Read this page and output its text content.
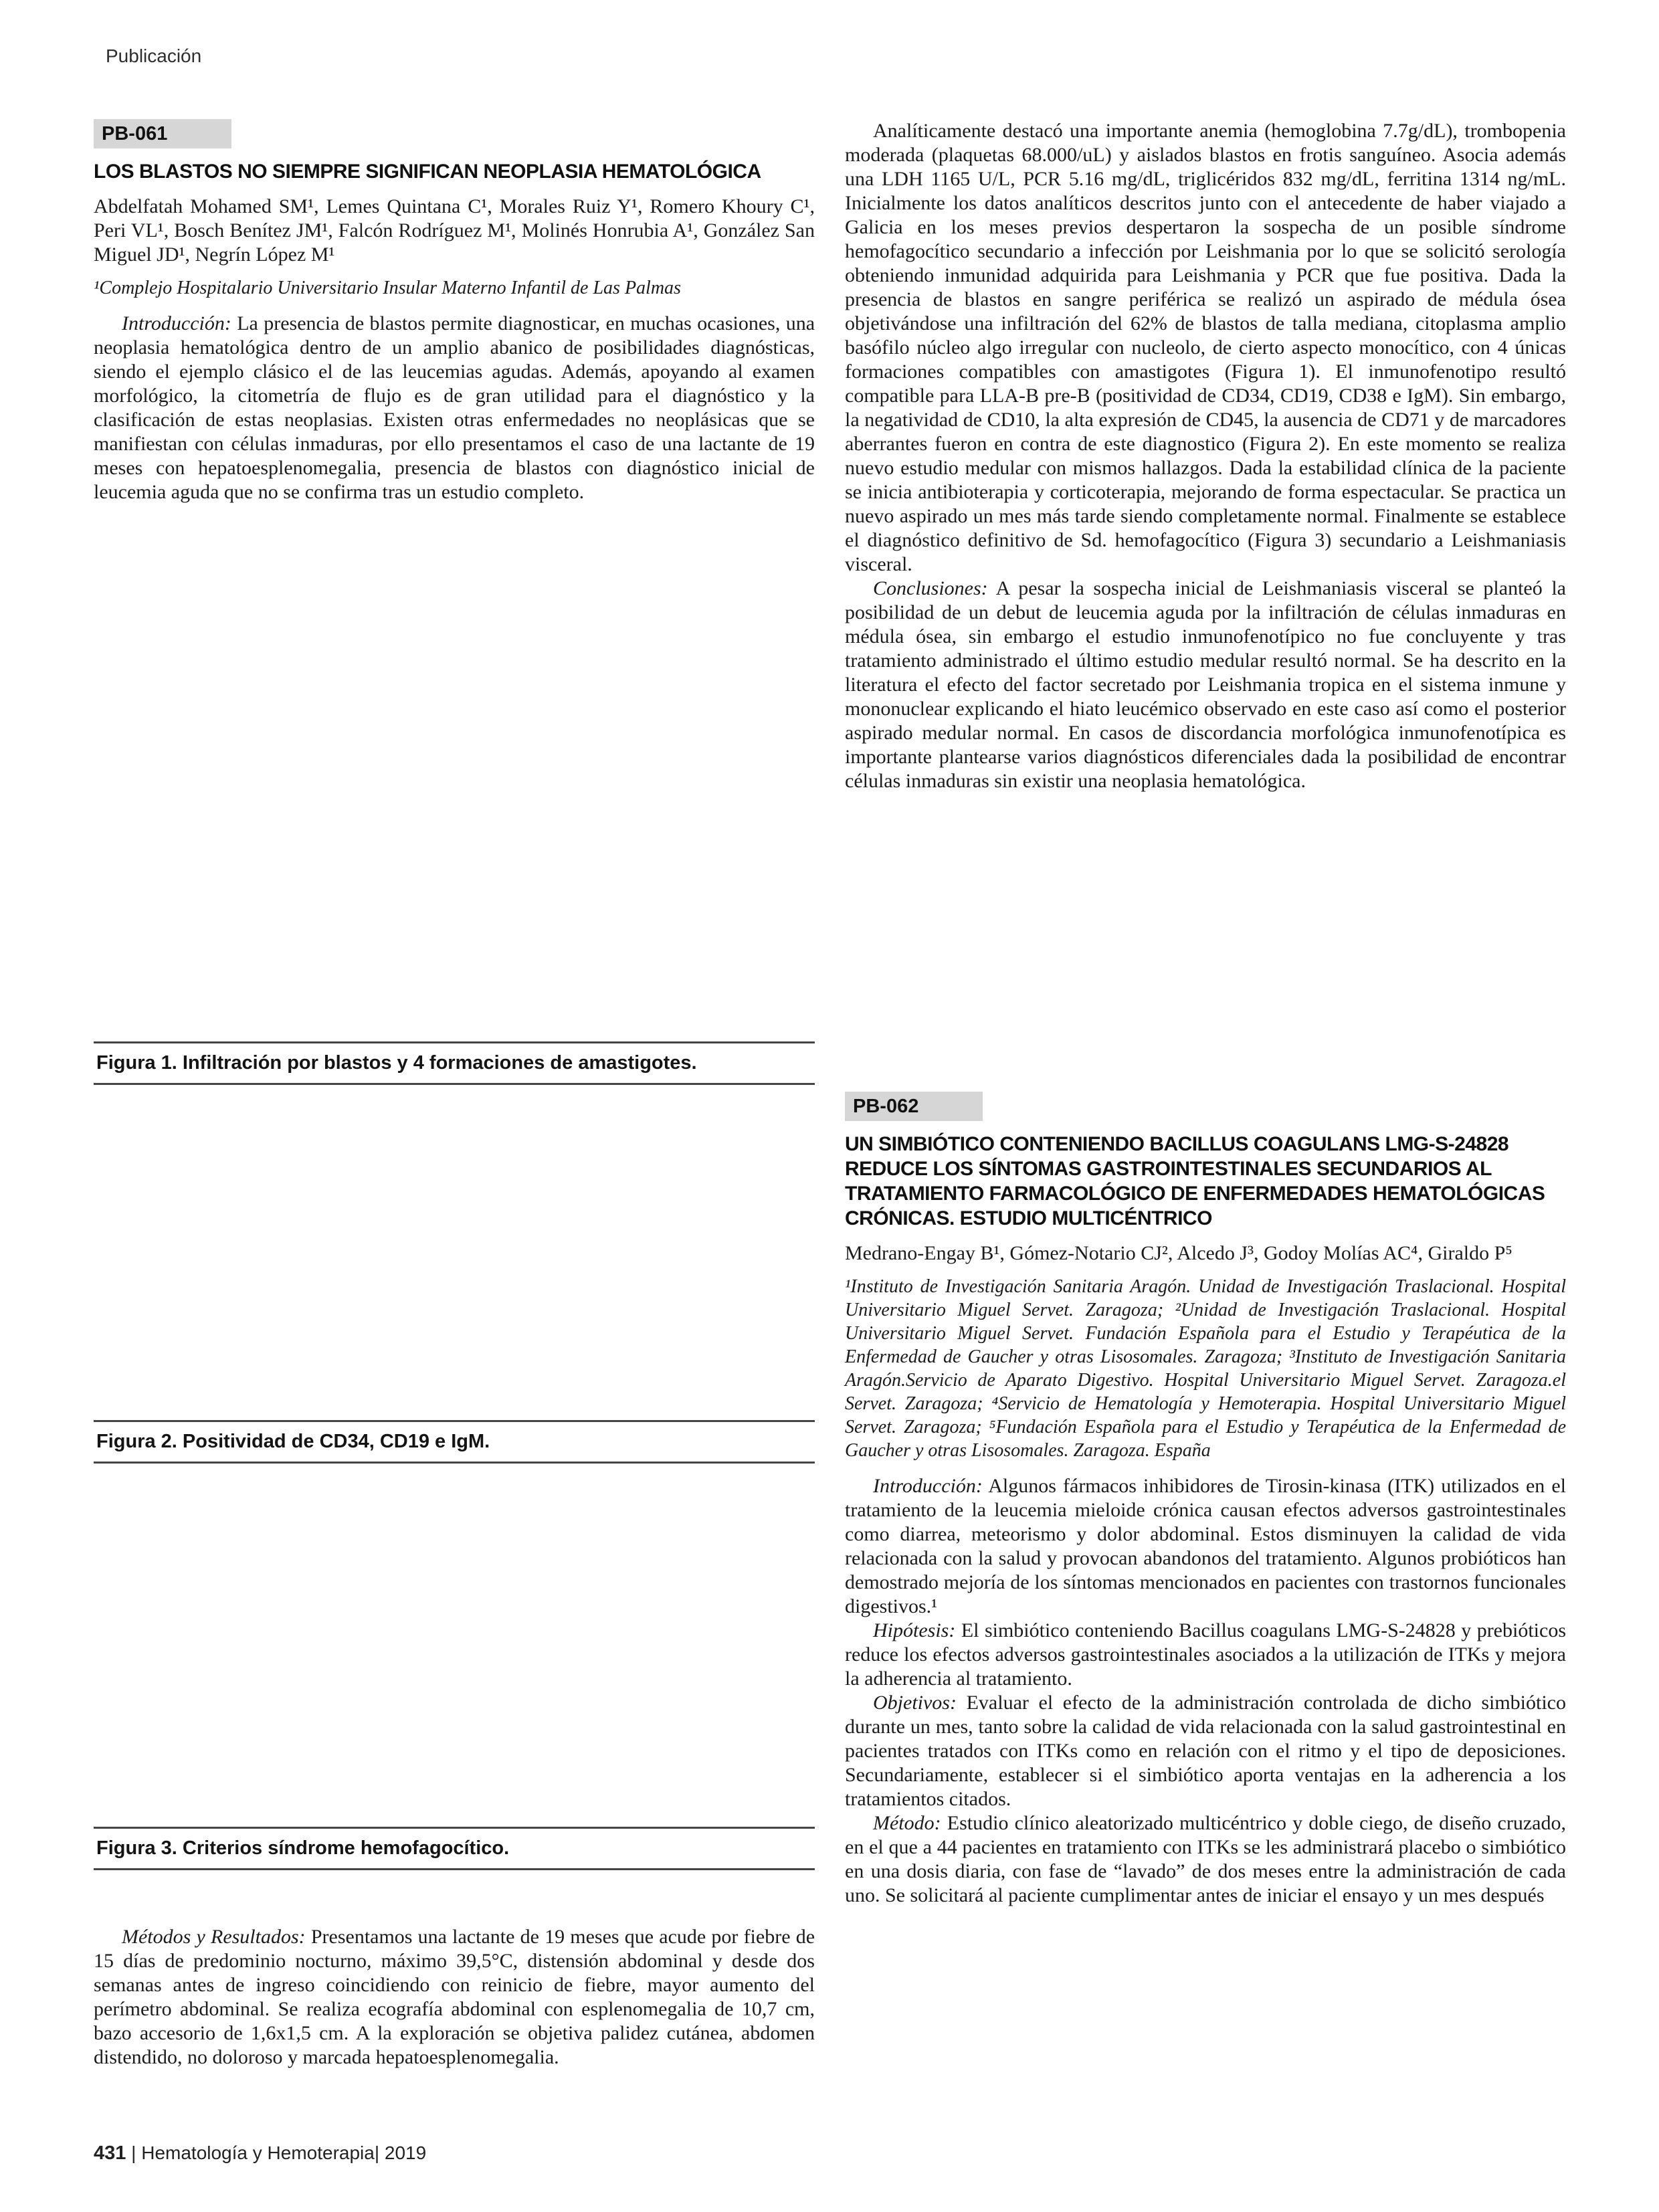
Publicación
PB-061
LOS BLASTOS NO SIEMPRE SIGNIFICAN NEOPLASIA HEMATOLÓGICA

Abdelfatah Mohamed SM¹, Lemes Quintana C¹, Morales Ruiz Y¹, Romero Khoury C¹, Peri VL¹, Bosch Benítez JM¹, Falcón Rodríguez M¹, Molinés Honrubia A¹, González San Miguel JD¹, Negrín López M¹

¹Complejo Hospitalario Universitario Insular Materno Infantil de Las Palmas

Introducción: La presencia de blastos permite diagnosticar, en muchas ocasiones, una neoplasia hematológica dentro de un amplio abanico de posibilidades diagnósticas, siendo el ejemplo clásico el de las leucemias agudas. Además, apoyando al examen morfológico, la citometría de flujo es de gran utilidad para el diagnóstico y la clasificación de estas neoplasias. Existen otras enfermedades no neoplásicas que se manifiestan con células inmaduras, por ello presentamos el caso de una lactante de 19 meses con hepatoesplenomegalia, presencia de blastos con diagnóstico inicial de leucemia aguda que no se confirma tras un estudio completo.

Figura 1. Infiltración por blastos y 4 formaciones de amastigotes.
Figura 2. Positividad de CD34, CD19 e IgM.
Figura 3. Criterios síndrome hemofagocítico.

Métodos y Resultados: Presentamos una lactante de 19 meses que acude por fiebre de 15 días de predominio nocturno, máximo 39,5°C, distensión abdominal y desde dos semanas antes de ingreso coincidiendo con reinicio de fiebre, mayor aumento del perímetro abdominal. Se realiza ecografía abdominal con esplenomegalia de 10,7 cm, bazo accesorio de 1,6x1,5 cm. A la exploración se objetiva palidez cutánea, abdomen distendido, no doloroso y marcada hepatoesplenomegalia.

Analíticamente destacó una importante anemia (hemoglobina 7.7g/dL), trombopenia moderada (plaquetas 68.000/uL) y aislados blastos en frotis sanguíneo. Asocia además una LDH 1165 U/L, PCR 5.16 mg/dL, triglicéridos 832 mg/dL, ferritina 1314 ng/mL. Inicialmente los datos analíticos descritos junto con el antecedente de haber viajado a Galicia en los meses previos despertaron la sospecha de un posible síndrome hemofagocítico secundario a infección por Leishmania por lo que se solicitó serología obteniendo inmunidad adquirida para Leishmania y PCR que fue positiva. Dada la presencia de blastos en sangre periférica se realizó un aspirado de médula ósea objetivándose una infiltración del 62% de blastos de talla mediana, citoplasma amplio basófilo núcleo algo irregular con nucleolo, de cierto aspecto monocítico, con 4 únicas formaciones compatibles con amastigotes (Figura 1). El inmunofenotipo resultó compatible para LLA-B pre-B (positividad de CD34, CD19, CD38 e IgM). Sin embargo, la negatividad de CD10, la alta expresión de CD45, la ausencia de CD71 y de marcadores aberrantes fueron en contra de este diagnostico (Figura 2). En este momento se realiza nuevo estudio medular con mismos hallazgos. Dada la estabilidad clínica de la paciente se inicia antibioterapia y corticoterapia, mejorando de forma espectacular. Se practica un nuevo aspirado un mes más tarde siendo completamente normal. Finalmente se establece el diagnóstico definitivo de Sd. hemofagocítico (Figura 3) secundario a Leishmaniasis visceral.

Conclusiones: A pesar la sospecha inicial de Leishmaniasis visceral se planteó la posibilidad de un debut de leucemia aguda por la infiltración de células inmaduras en médula ósea, sin embargo el estudio inmunofenotípico no fue concluyente y tras tratamiento administrado el último estudio medular resultó normal. Se ha descrito en la literatura el efecto del factor secretado por Leishmania tropica en el sistema inmune y mononuclear explicando el hiato leucémico observado en este caso así como el posterior aspirado medular normal. En casos de discordancia morfológica inmunofenotípica es importante plantearse varios diagnósticos diferenciales dada la posibilidad de encontrar células inmaduras sin existir una neoplasia hematológica.

PB-062
UN SIMBIÓTICO CONTENIENDO BACILLUS COAGULANS LMG-S-24828 REDUCE LOS SÍNTOMAS GASTROINTESTINALES SECUNDARIOS AL TRATAMIENTO FARMACOLÓGICO DE ENFERMEDADES HEMATOLÓGICAS CRÓNICAS. ESTUDIO MULTICÉNTRICO

Medrano-Engay B¹, Gómez-Notario CJ², Alcedo J³, Godoy Molías AC⁴, Giraldo P⁵

¹Instituto de Investigación Sanitaria Aragón. Unidad de Investigación Traslacional. Hospital Universitario Miguel Servet. Zaragoza; ²Unidad de Investigación Traslacional. Hospital Universitario Miguel Servet. Fundación Española para el Estudio y Terapéutica de la Enfermedad de Gaucher y otras Lisosomales. Zaragoza; ³Instituto de Investigación Sanitaria Aragón.Servicio de Aparato Digestivo. Hospital Universitario Miguel Servet. Zaragoza.el Servet. Zaragoza; ⁴Servicio de Hematología y Hemoterapia. Hospital Universitario Miguel Servet. Zaragoza; ⁵Fundación Española para el Estudio y Terapéutica de la Enfermedad de Gaucher y otras Lisosomales. Zaragoza. España

Introducción: Algunos fármacos inhibidores de Tirosin-kinasa (ITK) utilizados en el tratamiento de la leucemia mieloide crónica causan efectos adversos gastrointestinales como diarrea, meteorismo y dolor abdominal. Estos disminuyen la calidad de vida relacionada con la salud y provocan abandonos del tratamiento. Algunos probióticos han demostrado mejoría de los síntomas mencionados en pacientes con trastornos funcionales digestivos.¹

Hipótesis: El simbiótico conteniendo Bacillus coagulans LMG-S-24828 y prebióticos reduce los efectos adversos gastrointestinales asociados a la utilización de ITKs y mejora la adherencia al tratamiento.

Objetivos: Evaluar el efecto de la administración controlada de dicho simbiótico durante un mes, tanto sobre la calidad de vida relacionada con la salud gastrointestinal en pacientes tratados con ITKs como en relación con el ritmo y el tipo de deposiciones. Secundariamente, establecer si el simbiótico aporta ventajas en la adherencia a los tratamientos citados.

Método: Estudio clínico aleatorizado multicéntrico y doble ciego, de diseño cruzado, en el que a 44 pacientes en tratamiento con ITKs se les administrará placebo o simbiótico en una dosis diaria, con fase de “lavado” de dos meses entre la administración de cada uno. Se solicitará al paciente cumplimentar antes de iniciar el ensayo y un mes después

431 | Hematología y Hemoterapia| 2019
